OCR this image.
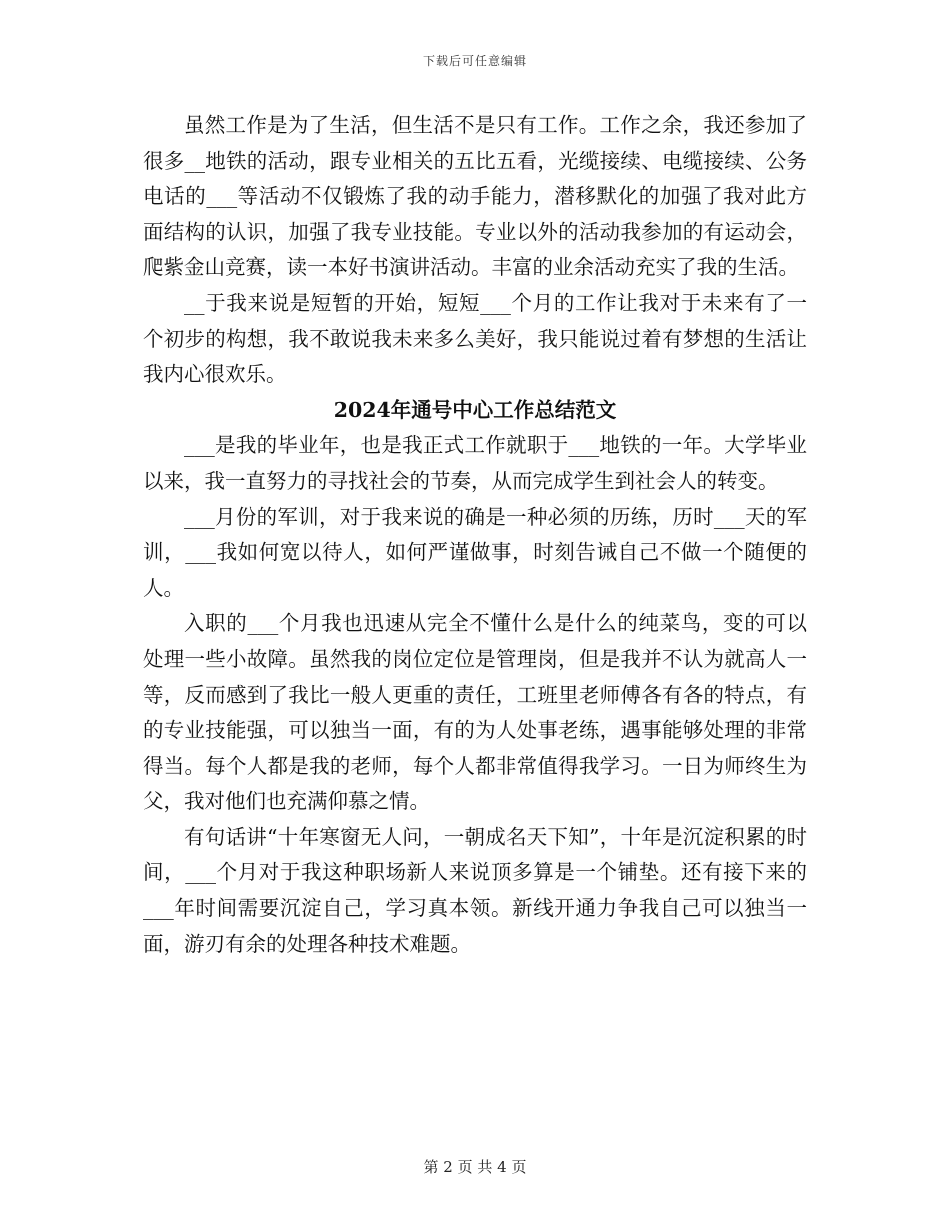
下载后可任意编辑

虽然工作是为了生活，但生活不是只有工作。工作之余，我还参加了很多__地铁的活动，跟专业相关的五比五看，光缆接续、电缆接续、公务电话的___等活动不仅锻炼了我的动手能力，潜移默化的加强了我对此方面结构的认识，加强了我专业技能。专业以外的活动我参加的有运动会，爬紫金山竞赛，读一本好书演讲活动。丰富的业余活动充实了我的生活。

__于我来说是短暂的开始，短短___个月的工作让我对于未来有了一个初步的构想，我不敢说我未来多么美好，我只能说过着有梦想的生活让我内心很欢乐。

2024年通号中心工作总结范文

___是我的毕业年，也是我正式工作就职于___地铁的一年。大学毕业以来，我一直努力的寻找社会的节奏，从而完成学生到社会人的转变。

___月份的军训，对于我来说的确是一种必须的历练，历时___天的军训，___我如何宽以待人，如何严谨做事，时刻告诫自己不做一个随便的人。

入职的___个月我也迅速从完全不懂什么是什么的纯菜鸟，变的可以处理一些小故障。虽然我的岗位定位是管理岗，但是我并不认为就高人一等，反而感到了我比一般人更重的责任，工班里老师傅各有各的特点，有的专业技能强，可以独当一面，有的为人处事老练，遇事能够处理的非常得当。每个人都是我的老师，每个人都非常值得我学习。一日为师终生为父，我对他们也充满仰慕之情。

有句话讲“十年寒窗无人问，一朝成名天下知”，十年是沉淀积累的时间，___个月对于我这种职场新人来说顶多算是一个铺垫。还有接下来的___年时间需要沉淀自己，学习真本领。新线开通力争我自己可以独当一面，游刃有余的处理各种技术难题。

第 2 页 共 4 页
